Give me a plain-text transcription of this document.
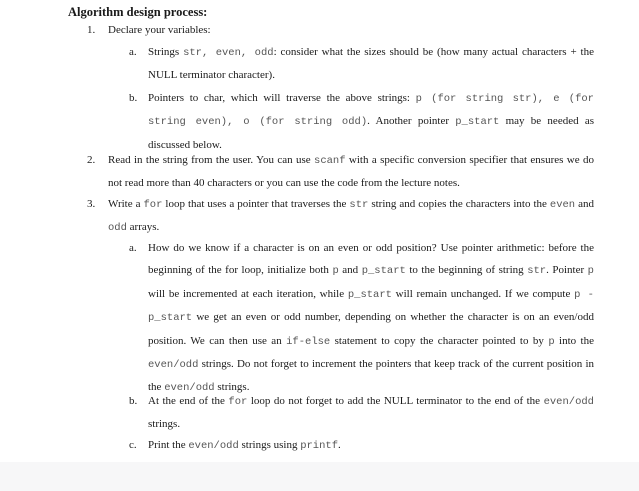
Algorithm design process:
1. Declare your variables:
a. Strings str, even, odd: consider what the sizes should be (how many actual characters + the NULL terminator character).
b. Pointers to char, which will traverse the above strings: p (for string str), e (for string even), o (for string odd). Another pointer p_start may be needed as discussed below.
2. Read in the string from the user. You can use scanf with a specific conversion specifier that ensures we do not read more than 40 characters or you can use the code from the lecture notes.
3. Write a for loop that uses a pointer that traverses the str string and copies the characters into the even and odd arrays.
a. How do we know if a character is on an even or odd position? Use pointer arithmetic: before the beginning of the for loop, initialize both p and p_start to the beginning of string str. Pointer p will be incremented at each iteration, while p_start will remain unchanged. If we compute p - p_start we get an even or odd number, depending on whether the character is on an even/odd position. We can then use an if-else statement to copy the character pointed to by p into the even/odd strings. Do not forget to increment the pointers that keep track of the current position in the even/odd strings.
b. At the end of the for loop do not forget to add the NULL terminator to the end of the even/odd strings.
c. Print the even/odd strings using printf.
